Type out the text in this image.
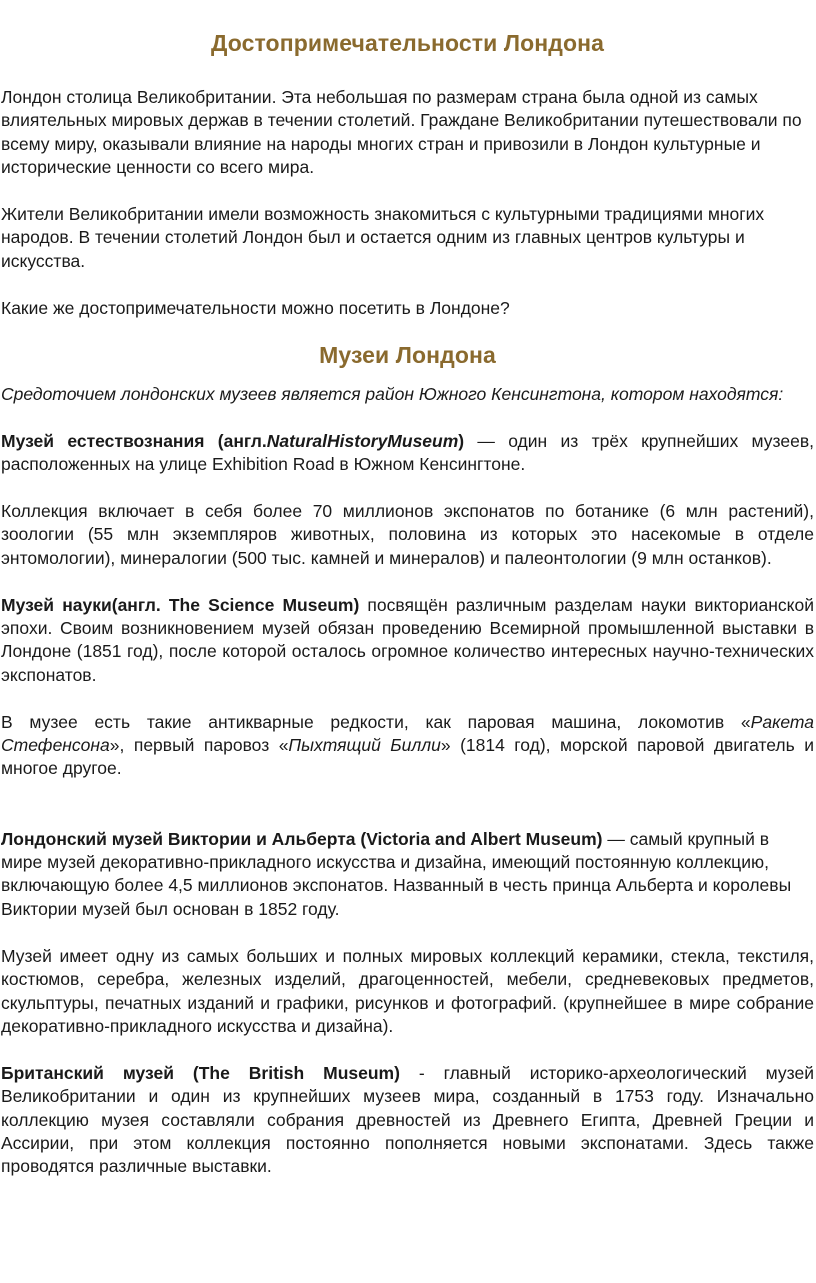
Достопримечательности Лондона

Лондон столица Великобритании. Эта небольшая по размерам страна была одной из самых влиятельных мировых держав в течении столетий. Граждане Великобритании путешествовали по всему миру, оказывали влияние на народы многих стран и привозили в Лондон культурные и исторические ценности со всего мира.

Жители Великобритании имели возможность знакомиться с культурными традициями многих народов. В течении столетий Лондон был и остается одним из главных центров культуры и искусства.

Какие же достопримечательности можно посетить в Лондоне?

Музеи Лондона

Средоточием лондонских музеев является район Южного Кенсингтона, котором находятся:

Музей естествознания (англ.NaturalHistoryMuseum) — один из трёх крупнейших музеев, расположенных на улице Exhibition Road в Южном Кенсингтоне.

Коллекция включает в себя более 70 миллионов экспонатов по ботанике (6 млн растений), зоологии (55 млн экземпляров животных, половина из которых это насекомые в отделе энтомологии), минералогии (500 тыс. камней и минералов) и палеонтологии (9 млн останков).

Музей науки(англ. The Science Museum) посвящён различным разделам науки викторианской эпохи. Своим возникновением музей обязан проведению Всемирной промышленной выставки в Лондоне (1851 год), после которой осталось огромное количество интересных научно-технических экспонатов.

В музее есть такие антикварные редкости, как паровая машина, локомотив «Ракета Стефенсона», первый паровоз «Пыхтящий Билли» (1814 год), морской паровой двигатель и многое другое.

Лондонский музей Виктории и Альберта (Victoria and Albert Museum) — самый крупный в мире музей декоративно-прикладного искусства и дизайна, имеющий постоянную коллекцию, включающую более 4,5 миллионов экспонатов. Названный в честь принца Альберта и королевы Виктории музей был основан в 1852 году.

Музей имеет одну из самых больших и полных мировых коллекций керамики, стекла, текстиля, костюмов, серебра, железных изделий, драгоценностей, мебели, средневековых предметов, скульптуры, печатных изданий и графики, рисунков и фотографий. (крупнейшее в мире собрание декоративно-прикладного искусства и дизайна).

Британский музей (The British Museum) - главный историко-археологический музей Великобритании и один из крупнейших музеев мира, созданный в 1753 году. Изначально коллекцию музея составляли собрания древностей из Древнего Египта, Древней Греции и Ассирии, при этом коллекция постоянно пополняется новыми экспонатами. Здесь также проводятся различные выставки.
